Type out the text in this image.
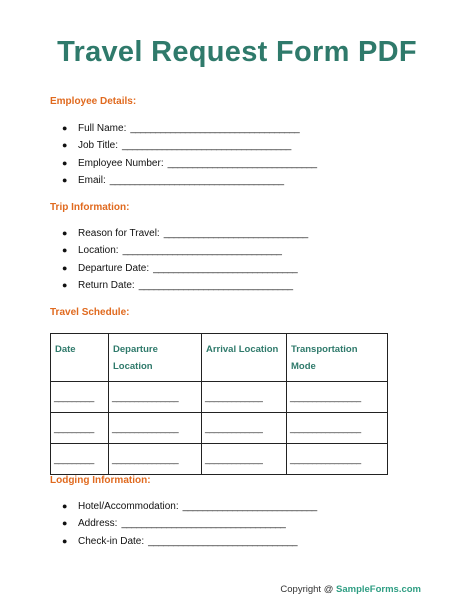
Travel Request Form PDF
Employee Details:
●	Full Name: __________________________________
●	Job Title: __________________________________
●	Employee Number: ______________________________
●	Email: ___________________________________
Trip Information:
●	Reason for Travel: _____________________________
●	Location: ________________________________
●	Departure Date: _____________________________
●	Return Date: _______________________________
Travel Schedule:
Date	Departure Location	Arrival Location	Transportation Mode
_________	_______________	_____________	________________
_________	_______________	_____________	________________
_________	_______________	_____________	________________
Lodging Information:
●	Hotel/Accommodation: ___________________________
●	Address: _________________________________
●	Check-in Date: ______________________________
Copyright @ SampleForms.com
